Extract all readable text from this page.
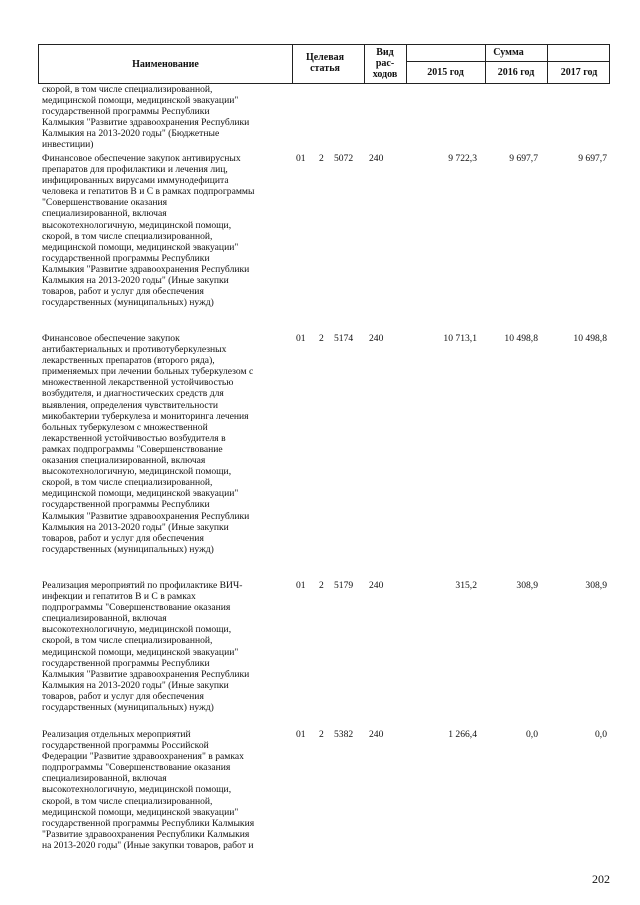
Наименование
Целевая статья
Вид рас-ходов
Сумма
2015 год	2016 год	2017 год
скорой, в том числе специализированной,
медицинской помощи, медицинской эвакуации"
государственной программы Республики
Калмыкия "Развитие здравоохранения Республики
Калмыкия на 2013-2020 годы" (Бюджетные
инвестиции)
Финансовое обеспечение закупок антивирусных
препаратов для профилактики и лечения лиц,
инфицированных вирусами иммунодефицита
человека и гепатитов В и С в рамках подпрограммы
"Совершенствование оказания
специализированной, включая
высокотехнологичную, медицинской помощи,
скорой, в том числе специализированной,
медицинской помощи, медицинской эвакуации"
государственной программы Республики
Калмыкия "Развитие здравоохранения Республики
Калмыкия на 2013-2020 годы" (Иные закупки
товаров, работ и услуг для обеспечения
государственных (муниципальных) нужд)
01 2 5072 240	9 722,3	9 697,7	9 697,7
Финансовое обеспечение закупок
антибактериальных и противотуберкулезных
лекарственных препаратов (второго ряда),
применяемых при лечении больных туберкулезом с
множественной лекарственной устойчивостью
возбудителя, и диагностических средств для
выявления, определения чувствительности
микобактерии туберкулеза и мониторинга лечения
больных туберкулезом с множественной
лекарственной устойчивостью возбудителя в
рамках подпрограммы "Совершенствование
оказания специализированной, включая
высокотехнологичную, медицинской помощи,
скорой, в том числе специализированной,
медицинской помощи, медицинской эвакуации"
государственной программы Республики
Калмыкия "Развитие здравоохранения Республики
Калмыкия на 2013-2020 годы" (Иные закупки
товаров, работ и услуг для обеспечения
государственных (муниципальных) нужд)
01 2 5174 240	10 713,1	10 498,8	10 498,8
Реализация мероприятий по профилактике ВИЧ-
инфекции и гепатитов В и С в рамках
подпрограммы "Совершенствование оказания
специализированной, включая
высокотехнологичную, медицинской помощи,
скорой, в том числе специализированной,
медицинской помощи, медицинской эвакуации"
государственной программы Республики
Калмыкия "Развитие здравоохранения Республики
Калмыкия на 2013-2020 годы" (Иные закупки
товаров, работ и услуг для обеспечения
государственных (муниципальных) нужд)
01 2 5179 240	315,2	308,9	308,9
Реализация отдельных мероприятий
государственной программы Российской
Федерации "Развитие здравоохранения" в рамках
подпрограммы "Совершенствование оказания
специализированной, включая
высокотехнологичную, медицинской помощи,
скорой, в том числе специализированной,
медицинской помощи, медицинской эвакуации"
государственной программы Республики Калмыкия
"Развитие здравоохранения Республики Калмыкия
на 2013-2020 годы" (Иные закупки товаров, работ и
01 2 5382 240	1 266,4	0,0	0,0
202
